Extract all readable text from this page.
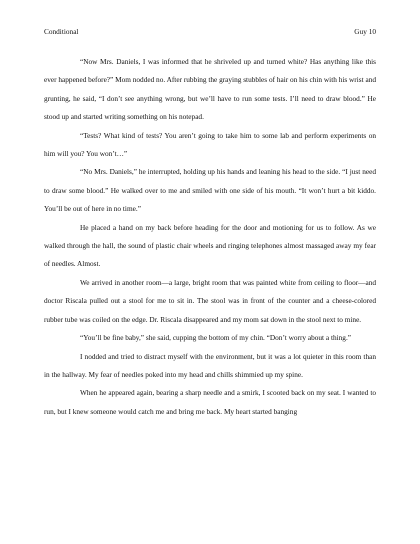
Conditional	Guy 10

“Now Mrs. Daniels, I was informed that he shriveled up and turned white? Has anything like this ever happened before?” Mom nodded no. After rubbing the graying stubbles of hair on his chin with his wrist and grunting, he said, “I don’t see anything wrong, but we’ll have to run some tests. I’ll need to draw blood.” He stood up and started writing something on his notepad.

“Tests? What kind of tests? You aren’t going to take him to some lab and perform experiments on him will you? You won’t…”

“No Mrs. Daniels,” he interrupted, holding up his hands and leaning his head to the side. “I just need to draw some blood.” He walked over to me and smiled with one side of his mouth. “It won’t hurt a bit kiddo. You’ll be out of here in no time.”

He placed a hand on my back before heading for the door and motioning for us to follow. As we walked through the hall, the sound of plastic chair wheels and ringing telephones almost massaged away my fear of needles. Almost.

We arrived in another room—a large, bright room that was painted white from ceiling to floor—and doctor Riscala pulled out a stool for me to sit in. The stool was in front of the counter and a cheese-colored rubber tube was coiled on the edge. Dr. Riscala disappeared and my mom sat down in the stool next to mine.

“You’ll be fine baby,” she said, cupping the bottom of my chin. “Don’t worry about a thing.”

I nodded and tried to distract myself with the environment, but it was a lot quieter in this room than in the hallway. My fear of needles poked into my head and chills shimmied up my spine.

When he appeared again, bearing a sharp needle and a smirk, I scooted back on my seat. I wanted to run, but I knew someone would catch me and bring me back. My heart started banging
